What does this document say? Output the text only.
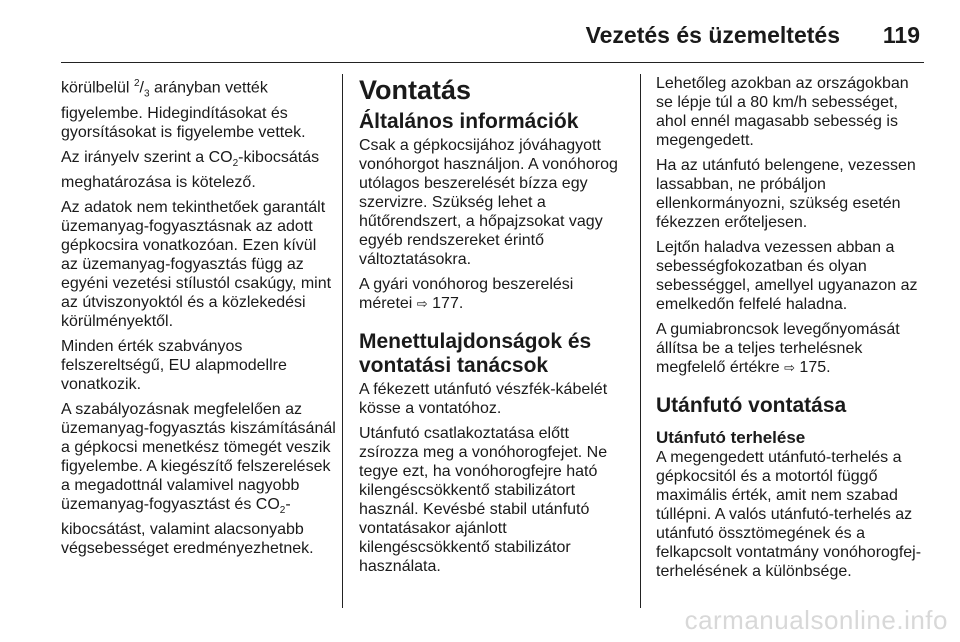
Vezetés és üzemeltetés 119

körülbelül $^2/_3$ arányban vették figyelembe. Hidegindításokat és gyorsításokat is figyelembe vettek.

Az irányelv szerint a $CO_2$-kibocsátás meghatározása is kötelező.

Az adatok nem tekinthetőek garantált üzemanyag-fogyasztásnak az adott gépkocsira vonatkozóan. Ezen kívül az üzemanyag-fogyasztás függ az egyéni vezetési stílustól csakúgy, mint az útviszonyoktól és a közlekedési körülményektől.

Minden érték szabványos felszereltségű, EU alapmodellre vonatkozik.

A szabályozásnak megfelelően az üzemanyag-fogyasztás kiszámításánál a gépkocsi menetkész tömegét veszik figyelembe. A kiegészítő felszerelések a megadottnál valamivel nagyobb üzemanyag-fogyasztást és $CO_2$-kibocsátást, valamint alacsonyabb végsebességet eredményezhetnek.

Vontatás
Általános információk

Csak a gépkocsijához jóváhagyott vonóhorgot használjon. A vonóhorog utólagos beszerelését bízza egy szervizre. Szükség lehet a hűtőrendszert, a hőpajzsokat vagy egyéb rendszereket érintő változtatásokra.

A gyári vonóhorog beszerelési méretei ⇨ 177.

Menettulajdonságok és vontatási tanácsok

A fékezett utánfutó vészfék-kábelét kösse a vontatóhoz.

Utánfutó csatlakoztatása előtt zsírozza meg a vonóhorogfejet. Ne tegye ezt, ha vonóhorogfejre ható kilengéscsökkentő stabilizátort használ. Kevésbé stabil utánfutó vontatásakor ajánlott kilengéscsökkentő stabilizátor használata.

Lehetőleg azokban az országokban se lépje túl a 80 km/h sebességet, ahol ennél magasabb sebesség is megengedett.

Ha az utánfutó belengene, vezessen lassabban, ne próbáljon ellenkormányozni, szükség esetén fékezzen erőteljesen.

Lejtőn haladva vezessen abban a sebességfokozatban és olyan sebességgel, amellyel ugyanazon az emelkedőn felfelé haladna.

A gumiabroncsok levegőnyomását állítsa be a teljes terhelésnek megfelelő értékre ⇨ 175.

Utánfutó vontatása
Utánfutó terhelése

A megengedett utánfutó-terhelés a gépkocsitól és a motortól függő maximális érték, amit nem szabad túllépni. A valós utánfutó-terhelés az utánfutó össztömegének és a felkapcsolt vontatmány vonóhorogfej-terhelésének a különbsége.

carmanualsonline.info
